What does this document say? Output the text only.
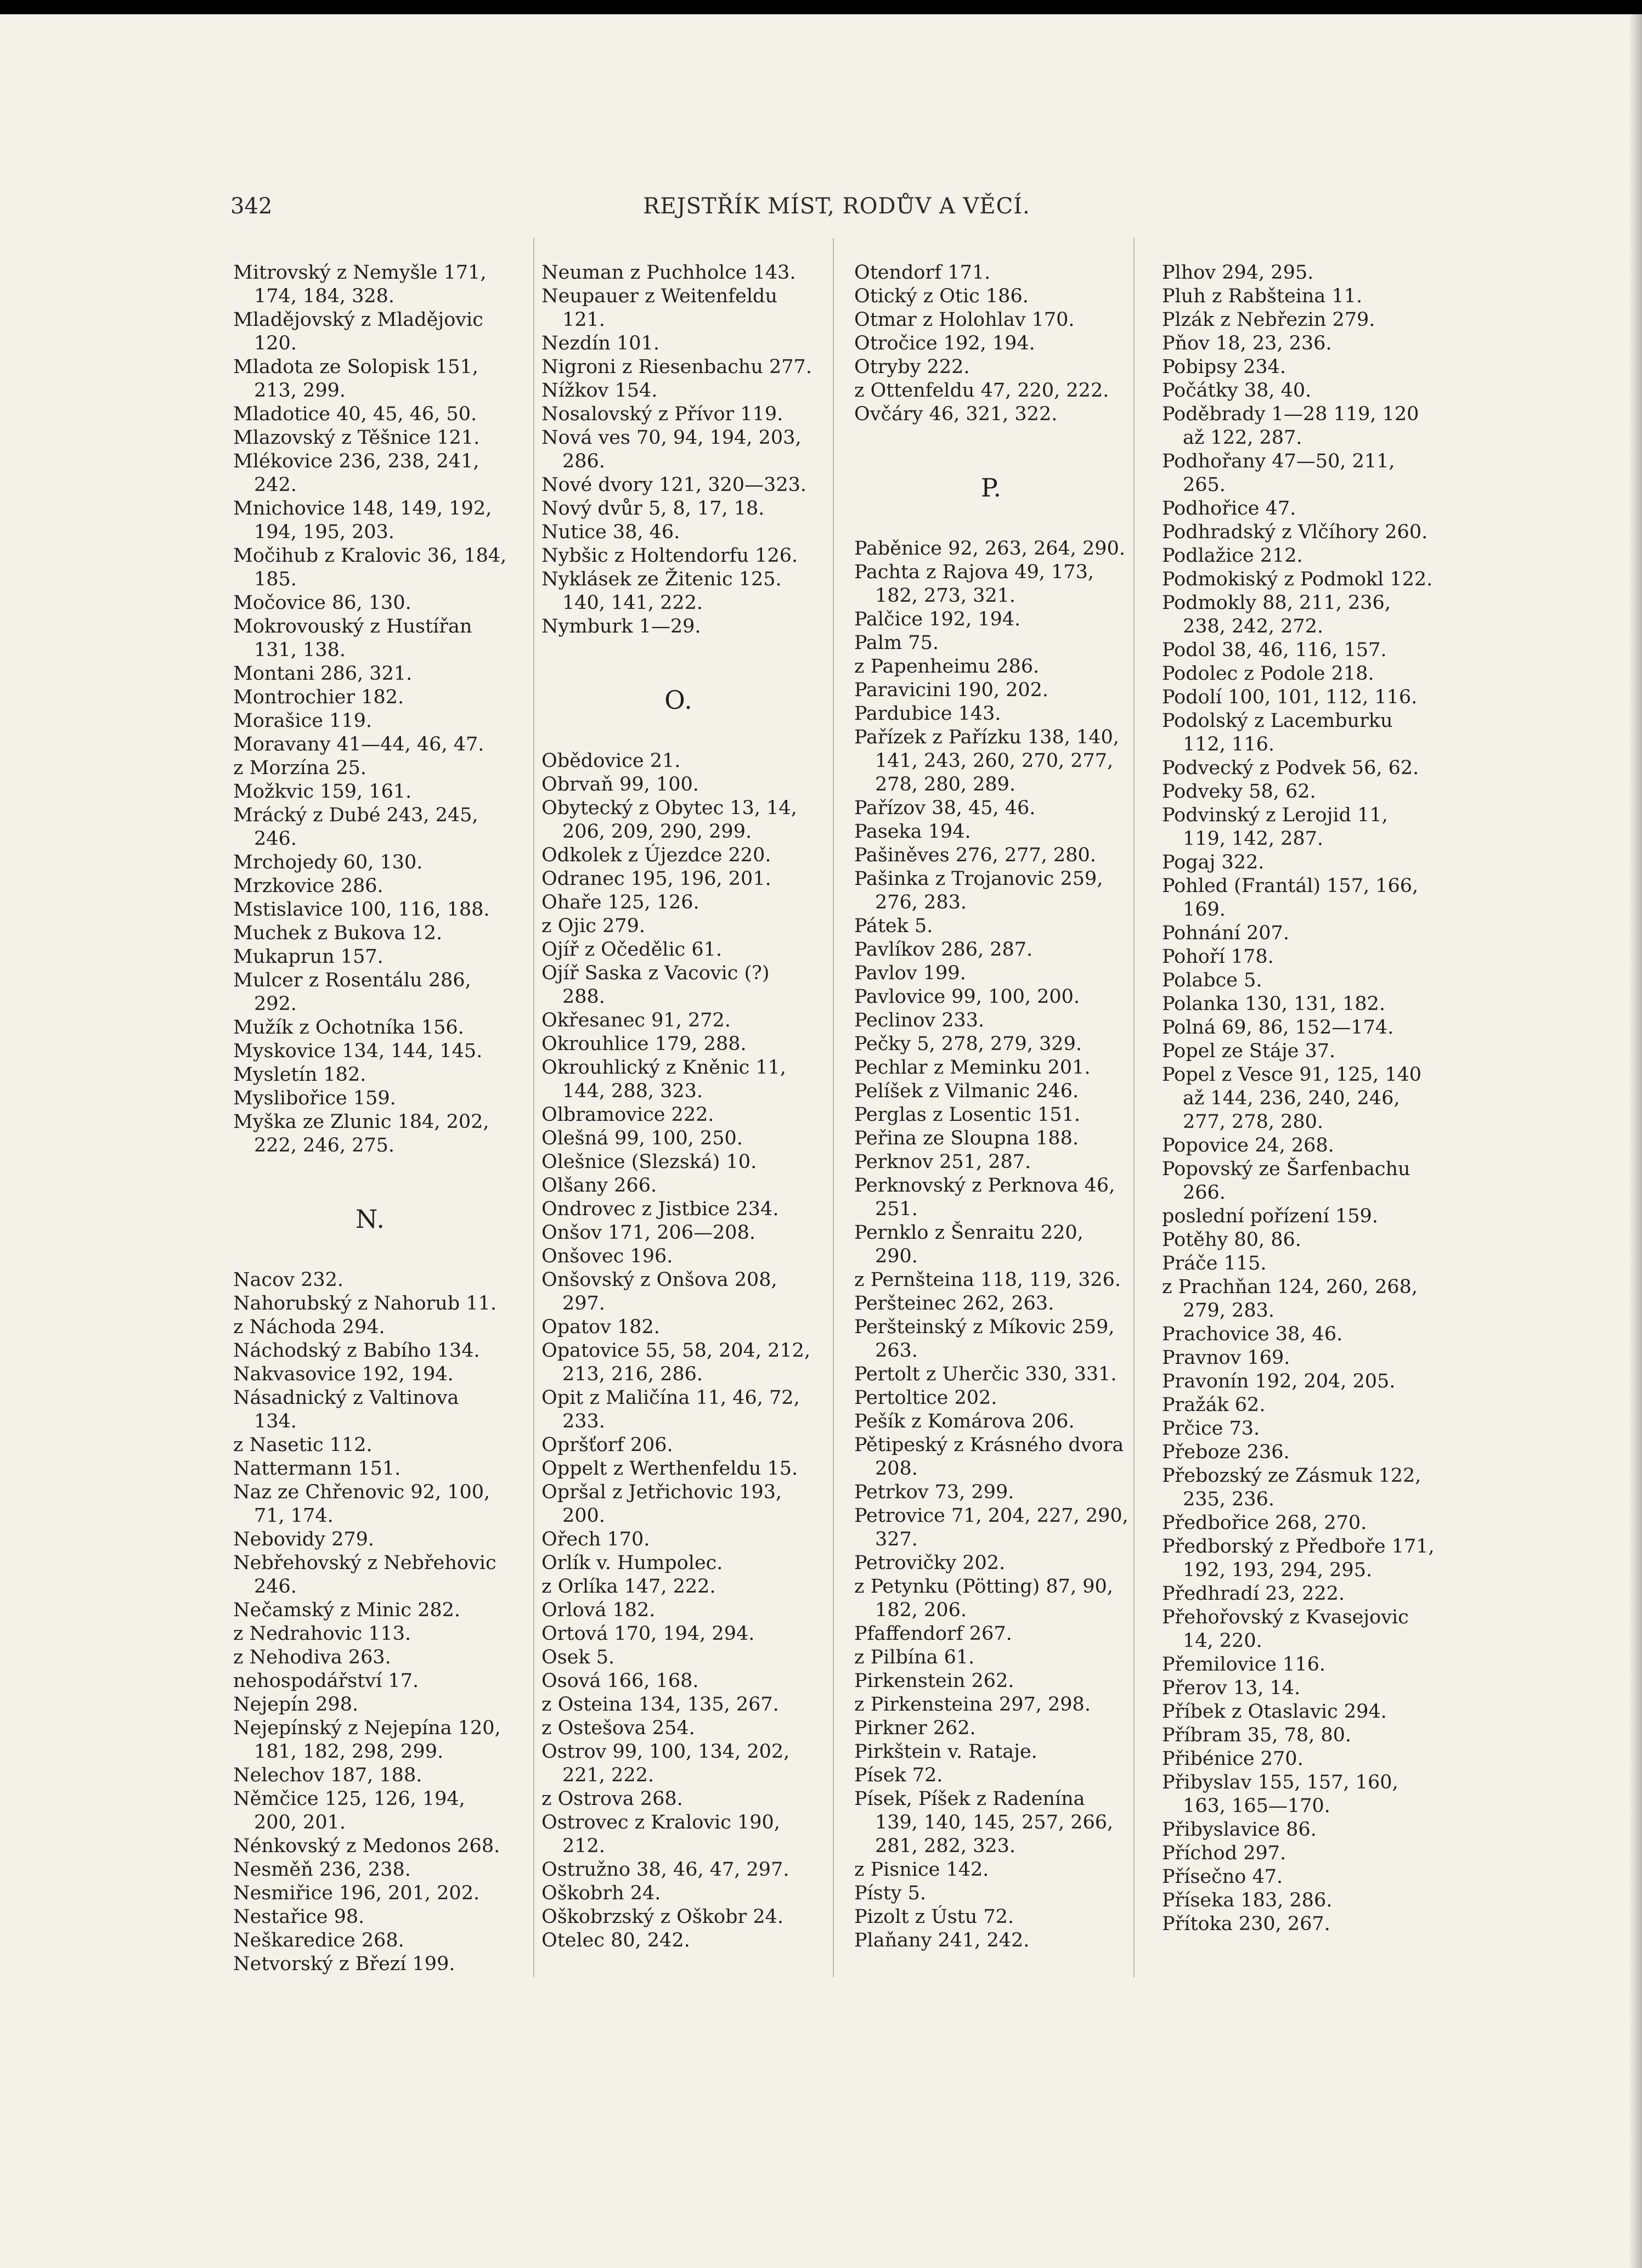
342	REJSTŘÍK MÍST, RODŮV A VĚCÍ.
Mitrovský z Nemyšle 171, 174, 184, 328.
Mladějovský z Mladějovic 120.
Mladota ze Solopisk 151, 213, 299.
Mladotice 40, 45, 46, 50.
Mlazovský z Těšnice 121.
Mlékovice 236, 238, 241, 242.
Mnichovice 148, 149, 192, 194, 195, 203.
Močihub z Kralovic 36, 184, 185.
Močovice 86, 130.
Mokrovouský z Hustířan 131, 138.
Montani 286, 321.
Montrochier 182.
Morašice 119.
Moravany 41—44, 46, 47.
z Morzína 25.
Možkvic 159, 161.
Mrácký z Dubé 243, 245, 246.
Mrchojedy 60, 130.
Mrzkovice 286.
Mstislavice 100, 116, 188.
Muchek z Bukova 12.
Mukaprun 157.
Mulcer z Rosentálu 286, 292.
Mužík z Ochotníka 156.
Myskovice 134, 144, 145.
Mysletín 182.
Myslibořice 159.
Myška ze Zlunic 184, 202, 222, 246, 275.
N.
Nacov 232.
Nahorubský z Nahorub 11.
z Náchoda 294.
Náchodský z Babího 134.
Nakvasovice 192, 194.
Násadnický z Valtinova 134.
z Nasetic 112.
Nattermann 151.
Naz ze Chřenovic 92, 100, 71, 174.
Nebovidy 279.
Nebřehovský z Nebřehovic 246.
Nečamský z Minic 282.
z Nedrahovic 113.
z Nehodiva 263.
nehospodářství 17.
Nejepín 298.
Nejepínský z Nejepína 120, 181, 182, 298, 299.
Nelechov 187, 188.
Němčice 125, 126, 194, 200, 201.
Nénkovský z Medonos 268.
Nesměň 236, 238.
Nesmiřice 196, 201, 202.
Nestařice 98.
Neškaredice 268.
Netvorský z Březí 199.
Neuman z Puchholce 143.
Neupauer z Weitenfeldu 121.
Nezdín 101.
Nigroni z Riesenbachu 277.
Nížkov 154.
Nosalovský z Přívor 119.
Nová ves 70, 94, 194, 203, 286.
Nové dvory 121, 320—323.
Nový dvůr 5, 8, 17, 18.
Nutice 38, 46.
Nybšic z Holtendorfu 126.
Nyklásek ze Žitenic 125. 140, 141, 222.
Nymburk 1—29.
O.
Obědovice 21.
Obrvaň 99, 100.
Obytecký z Obytec 13, 14, 206, 209, 290, 299.
Odkolek z Újezdce 220.
Odranec 195, 196, 201.
Ohaře 125, 126.
z Ojic 279.
Ojíř z Očedělic 61.
Ojíř Saska z Vacovic (?) 288.
Okřesanec 91, 272.
Okrouhlice 179, 288.
Okrouhlický z Kněnic 11, 144, 288, 323.
Olbramovice 222.
Olešná 99, 100, 250.
Olešnice (Slezská) 10.
Olšany 266.
Ondrovec z Jistbice 234.
Onšov 171, 206—208.
Onšovec 196.
Onšovský z Onšova 208, 297.
Opatov 182.
Opatovice 55, 58, 204, 212, 213, 216, 286.
Opit z Maličína 11, 46, 72, 233.
Opršťorf 206.
Oppelt z Werthenfeldu 15.
Opršal z Jetřichovic 193, 200.
Ořech 170.
Orlík v. Humpolec.
z Orlíka 147, 222.
Orlová 182.
Ortová 170, 194, 294.
Osek 5.
Osová 166, 168.
z Osteina 134, 135, 267.
z Ostešova 254.
Ostrov 99, 100, 134, 202, 221, 222.
z Ostrova 268.
Ostrovec z Kralovic 190, 212.
Ostružno 38, 46, 47, 297.
Oškobrh 24.
Oškobrzský z Oškobr 24.
Otelec 80, 242.
Otendorf 171.
Otický z Otic 186.
Otmar z Holohlav 170.
Otročice 192, 194.
Otryby 222.
z Ottenfeldu 47, 220, 222.
Ovčáry 46, 321, 322.
P.
Paběnice 92, 263, 264, 290.
Pachta z Rajova 49, 173, 182, 273, 321.
Palčice 192, 194.
Palm 75.
z Papenheimu 286.
Paravicini 190, 202.
Pardubice 143.
Pařízek z Pařízku 138, 140, 141, 243, 260, 270, 277, 278, 280, 289.
Pařízov 38, 45, 46.
Paseka 194.
Pašiněves 276, 277, 280.
Pašinka z Trojanovic 259, 276, 283.
Pátek 5.
Pavlíkov 286, 287.
Pavlov 199.
Pavlovice 99, 100, 200.
Peclinov 233.
Pečky 5, 278, 279, 329.
Pechlar z Meminku 201.
Pelíšek z Vilmanic 246.
Perglas z Losentic 151.
Peřina ze Sloupna 188.
Perknov 251, 287.
Perknovský z Perknova 46, 251.
Pernklo z Šenraitu 220, 290.
z Pernšteina 118, 119, 326.
Peršteinec 262, 263.
Peršteinský z Míkovic 259, 263.
Pertolt z Uherčic 330, 331.
Pertoltice 202.
Pešík z Komárova 206.
Pětipeský z Krásného dvora 208.
Petrkov 73, 299.
Petrovice 71, 204, 227, 290, 327.
Petrovičky 202.
z Petynku (Pötting) 87, 90, 182, 206.
Pfaffendorf 267.
z Pilbína 61.
Pirkenstein 262.
z Pirkensteina 297, 298.
Pirkner 262.
Pirkštein v. Rataje.
Písek 72.
Písek, Píšek z Radenína 139, 140, 145, 257, 266, 281, 282, 323.
z Pisnice 142.
Písty 5.
Pizolt z Ústu 72.
Plaňany 241, 242.
Plhov 294, 295.
Pluh z Rabšteina 11.
Plzák z Nebřezin 279.
Pňov 18, 23, 236.
Pobipsy 234.
Počátky 38, 40.
Poděbrady 1—28 119, 120 až 122, 287.
Podhořany 47—50, 211, 265.
Podhořice 47.
Podhradský z Vlčíhory 260.
Podlažice 212.
Podmokiský z Podmokl 122.
Podmokly 88, 211, 236, 238, 242, 272.
Podol 38, 46, 116, 157.
Podolec z Podole 218.
Podolí 100, 101, 112, 116.
Podolský z Lacemburku 112, 116.
Podvecký z Podvek 56, 62.
Podveky 58, 62.
Podvinský z Lerojid 11, 119, 142, 287.
Pogaj 322.
Pohled (Frantál) 157, 166, 169.
Pohnání 207.
Pohoří 178.
Polabce 5.
Polanka 130, 131, 182.
Polná 69, 86, 152—174.
Popel ze Stáje 37.
Popel z Vesce 91, 125, 140 až 144, 236, 240, 246, 277, 278, 280.
Popovice 24, 268.
Popovský ze Šarfenbachu 266.
poslední pořízení 159.
Potěhy 80, 86.
Práče 115.
z Prachňan 124, 260, 268, 279, 283.
Prachovice 38, 46.
Pravnov 169.
Pravonín 192, 204, 205.
Pražák 62.
Prčice 73.
Přeboze 236.
Přebozský ze Zásmuk 122, 235, 236.
Předbořice 268, 270.
Předborský z Předboře 171, 192, 193, 294, 295.
Předhradí 23, 222.
Přehořovský z Kvasejovic 14, 220.
Přemilovice 116.
Přerov 13, 14.
Příbek z Otaslavic 294.
Příbram 35, 78, 80.
Přibénice 270.
Přibyslav 155, 157, 160, 163, 165—170.
Přibyslavice 86.
Příchod 297.
Přísečno 47.
Příseka 183, 286.
Přítoka 230, 267.
